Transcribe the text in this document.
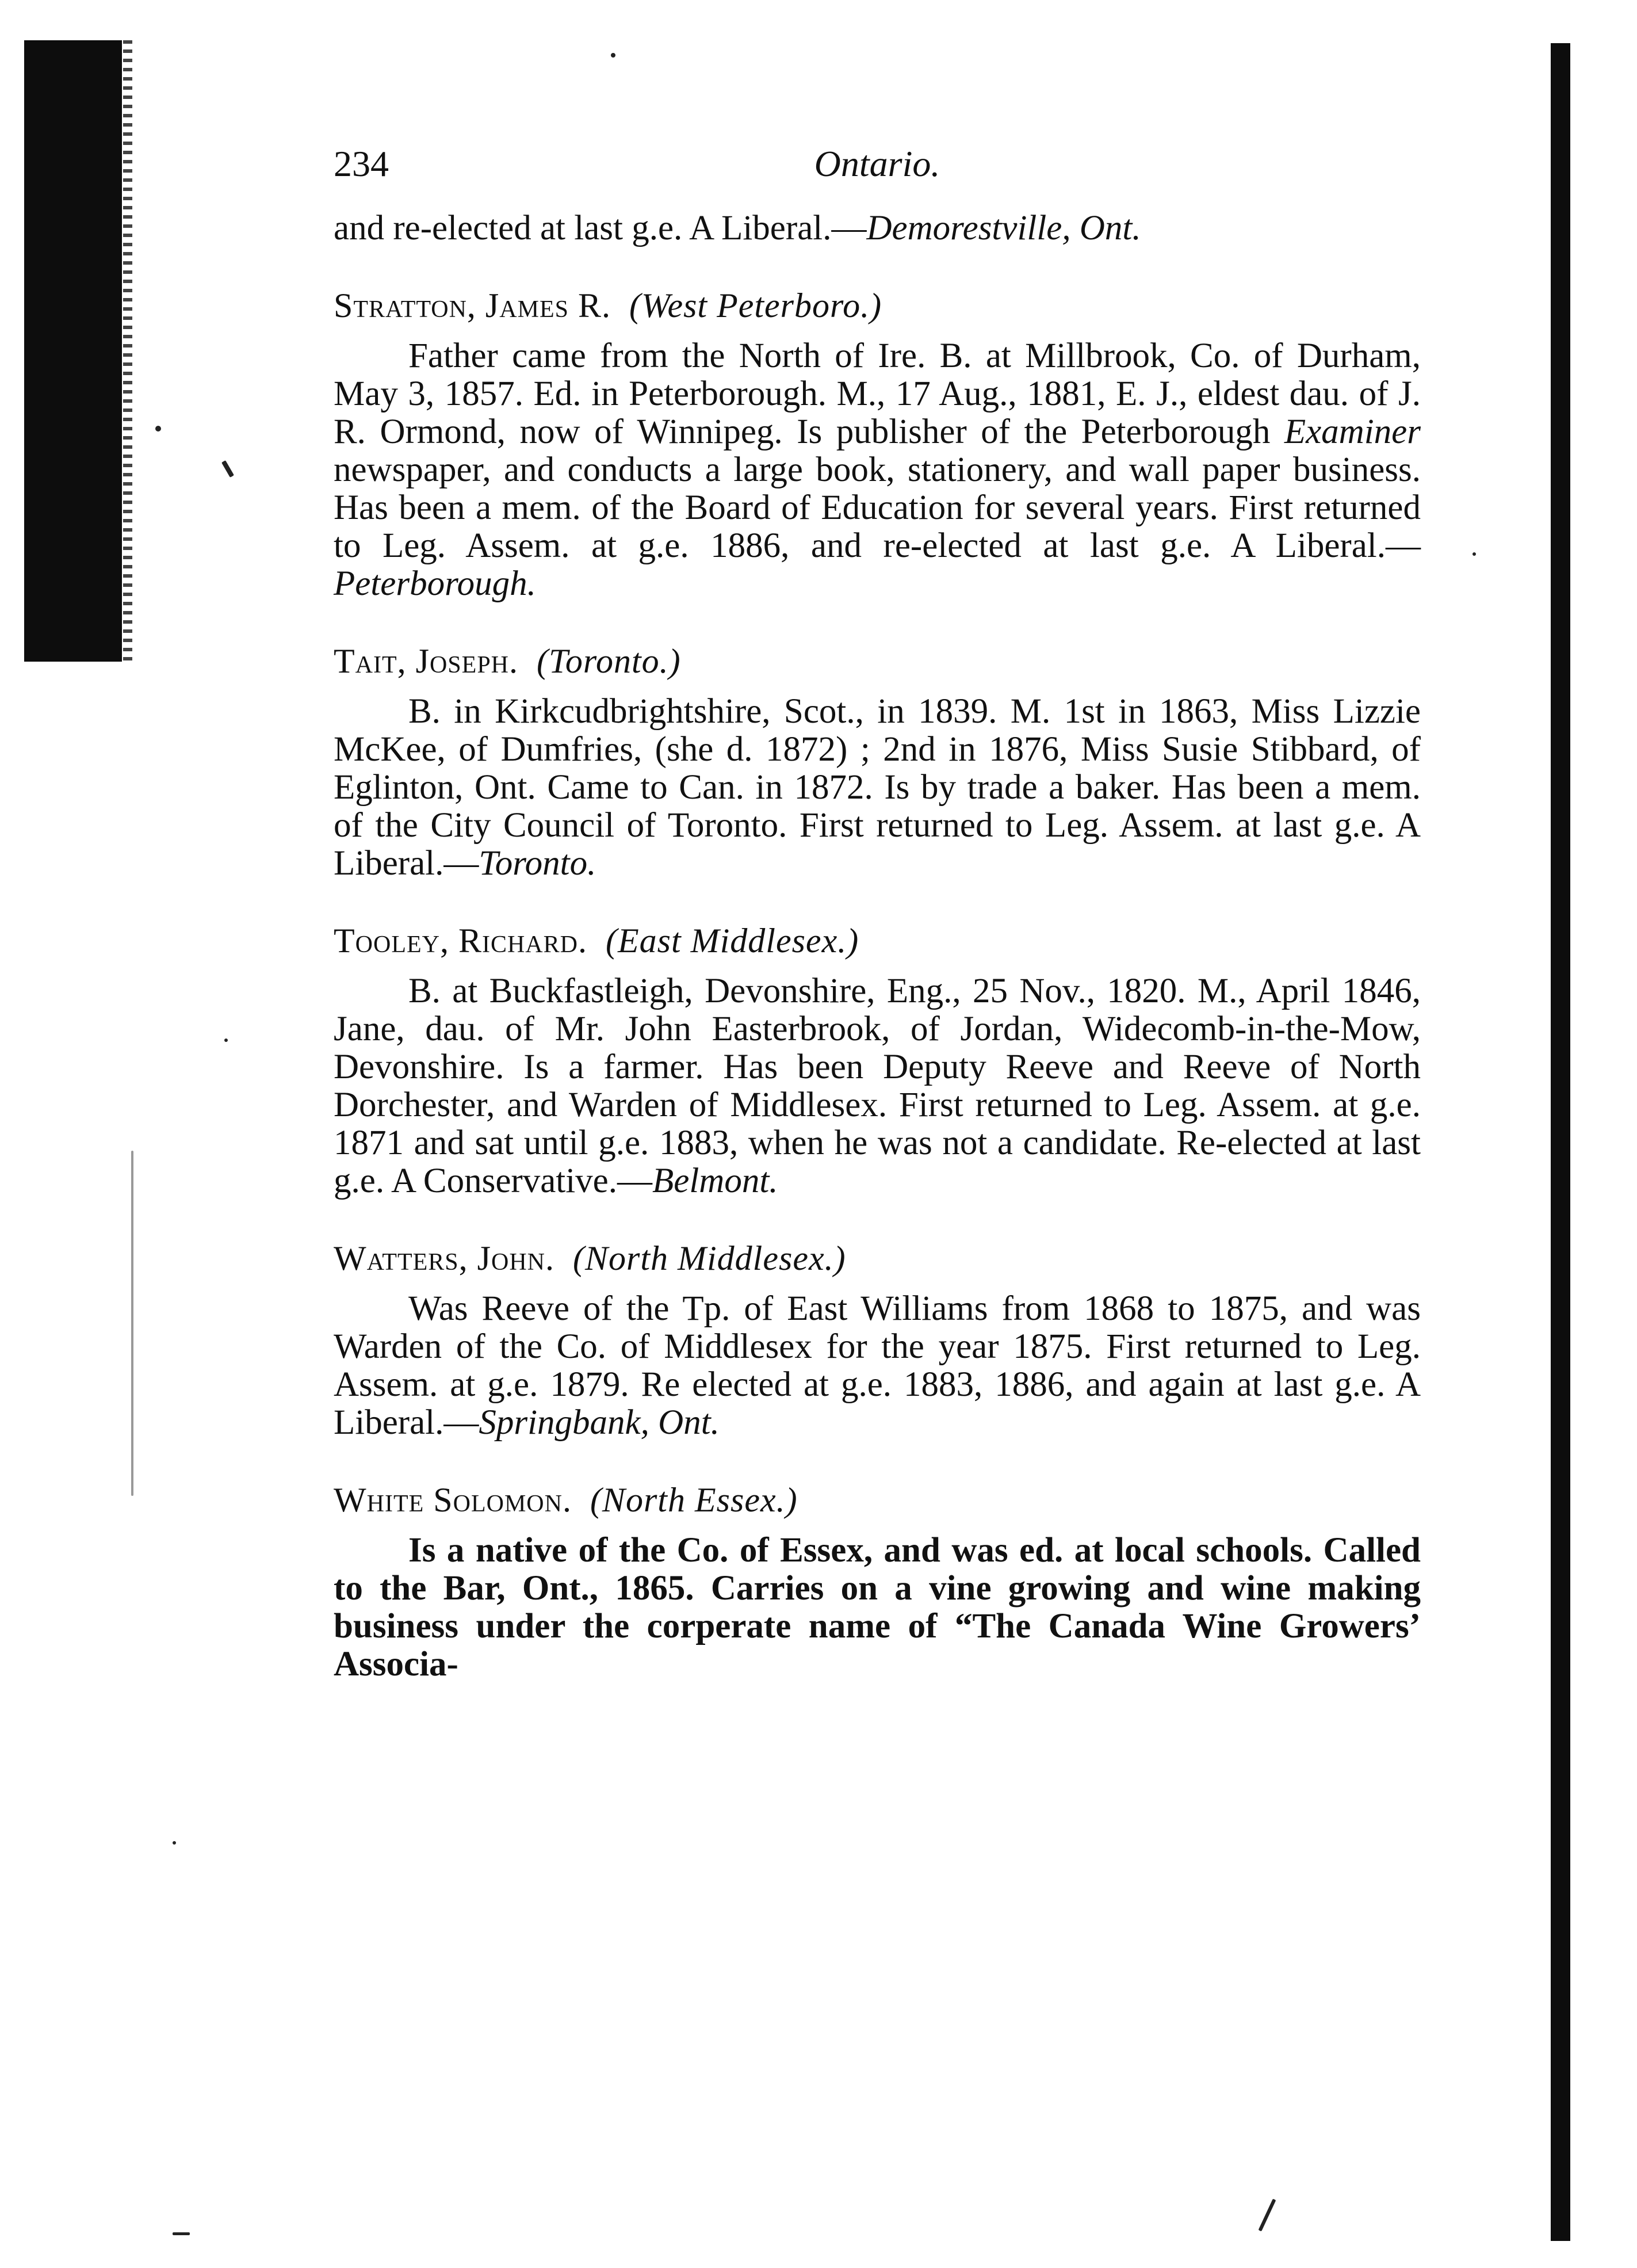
234	Ontario.

and re-elected at last g.e. A Liberal.—Demorestville, Ont.

Stratton, James R. (West Peterboro.)

Father came from the North of Ire. B. at Millbrook, Co. of Durham, May 3, 1857. Ed. in Peterborough. M., 17 Aug., 1881, E. J., eldest dau. of J. R. Ormond, now of Winnipeg. Is publisher of the Peterborough Examiner newspaper, and conducts a large book, stationery, and wall paper business. Has been a mem. of the Board of Education for several years. First returned to Leg. Assem. at g.e. 1886, and re-elected at last g.e. A Liberal.—Peterborough.

Tait, Joseph. (Toronto.)

B. in Kirkcudbrightshire, Scot., in 1839. M. 1st in 1863, Miss Lizzie McKee, of Dumfries, (she d. 1872) ; 2nd in 1876, Miss Susie Stibbard, of Eglinton, Ont. Came to Can. in 1872. Is by trade a baker. Has been a mem. of the City Council of Toronto. First returned to Leg. Assem. at last g.e. A Liberal.—Toronto.

Tooley, Richard. (East Middlesex.)

B. at Buckfastleigh, Devonshire, Eng., 25 Nov., 1820. M., April 1846, Jane, dau. of Mr. John Easterbrook, of Jordan, Widecomb-in-the-Mow, Devonshire. Is a farmer. Has been Deputy Reeve and Reeve of North Dorchester, and Warden of Middlesex. First returned to Leg. Assem. at g.e. 1871 and sat until g.e. 1883, when he was not a candidate. Re-elected at last g.e. A Conservative.—Belmont.

Watters, John. (North Middlesex.)

Was Reeve of the Tp. of East Williams from 1868 to 1875, and was Warden of the Co. of Middlesex for the year 1875. First returned to Leg. Assem. at g.e. 1879. Re elected at g.e. 1883, 1886, and again at last g.e. A Liberal.—Springbank, Ont.

White Solomon. (North Essex.)

Is a native of the Co. of Essex, and was ed. at local schools. Called to the Bar, Ont., 1865. Carries on a vine growing and wine making business under the corperate name of “The Canada Wine Growers’ Associa-
